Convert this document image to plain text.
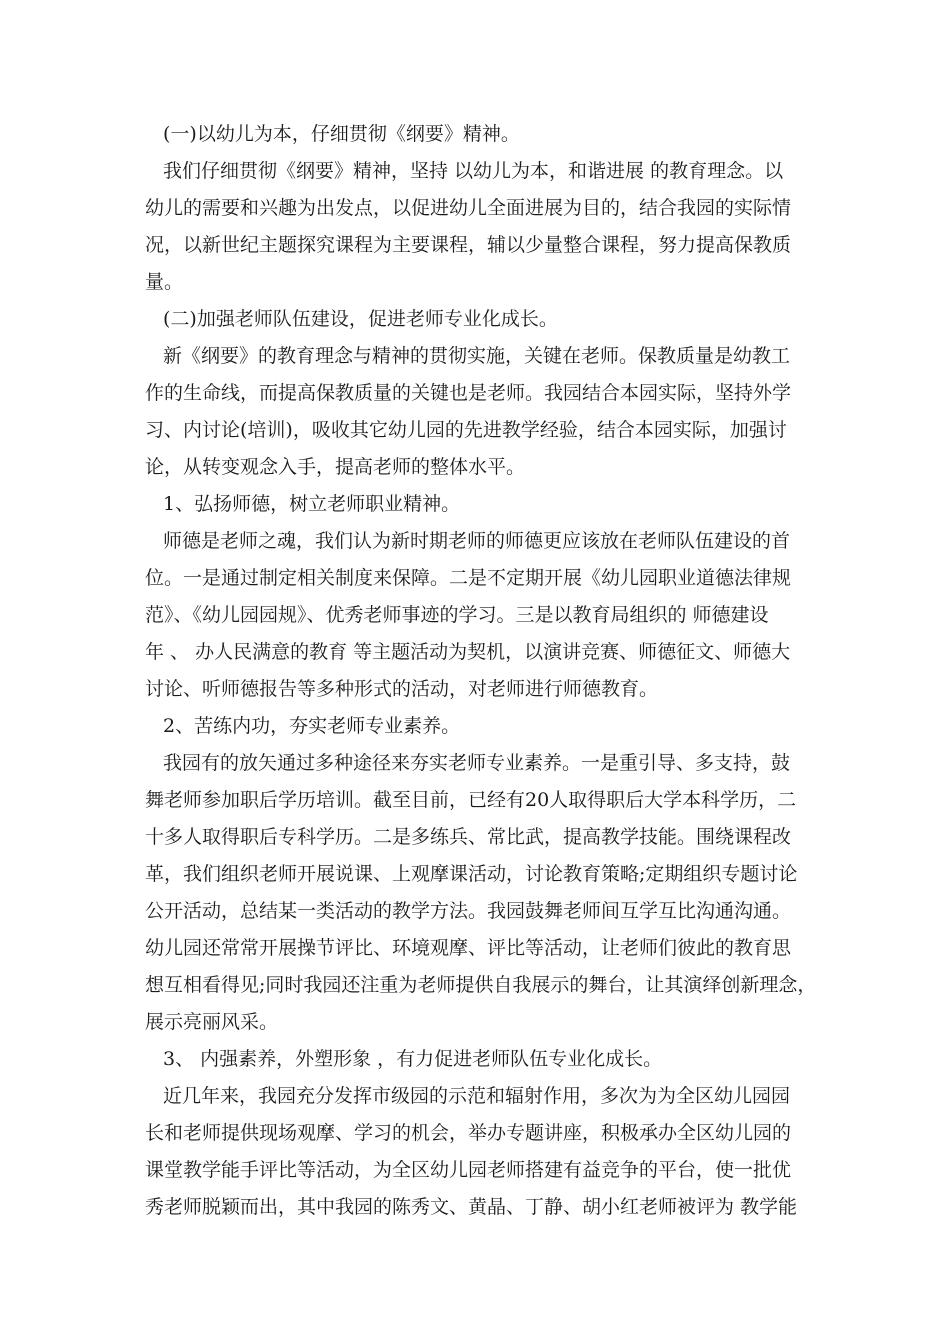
(一)以幼儿为本，仔细贯彻《纲要》精神。
我们仔细贯彻《纲要》精神，坚持 以幼儿为本，和谐进展 的教育理念。以
幼儿的需要和兴趣为出发点，以促进幼儿全面进展为目的，结合我园的实际情
况，以新世纪主题探究课程为主要课程，辅以少量整合课程，努力提高保教质
量。
(二)加强老师队伍建设，促进老师专业化成长。
新《纲要》的教育理念与精神的贯彻实施，关键在老师。保教质量是幼教工
作的生命线，而提高保教质量的关键也是老师。我园结合本园实际，坚持外学
习、内讨论(培训)，吸收其它幼儿园的先进教学经验，结合本园实际，加强讨
论，从转变观念入手，提高老师的整体水平。
1、弘扬师德，树立老师职业精神。
师德是老师之魂，我们认为新时期老师的师德更应该放在老师队伍建设的首
位。一是通过制定相关制度来保障。二是不定期开展《幼儿园职业道德法律规
范》、《幼儿园园规》、优秀老师事迹的学习。三是以教育局组织的 师德建设
年 、 办人民满意的教育 等主题活动为契机，以演讲竞赛、师德征文、师德大
讨论、听师德报告等多种形式的活动，对老师进行师德教育。
2、苦练内功，夯实老师专业素养。
我园有的放矢通过多种途径来夯实老师专业素养。一是重引导、多支持，鼓
舞老师参加职后学历培训。截至目前，已经有20人取得职后大学本科学历，二
十多人取得职后专科学历。二是多练兵、常比武，提高教学技能。围绕课程改
革，我们组织老师开展说课、上观摩课活动，讨论教育策略;定期组织专题讨论
公开活动，总结某一类活动的教学方法。我园鼓舞老师间互学互比沟通沟通。
幼儿园还常常开展操节评比、环境观摩、评比等活动，让老师们彼此的教育思
想互相看得见;同时我园还注重为老师提供自我展示的舞台，让其演绎创新理念，
展示亮丽风采。
3、 内强素养，外塑形象 ，有力促进老师队伍专业化成长。
近几年来，我园充分发挥市级园的示范和辐射作用，多次为为全区幼儿园园
长和老师提供现场观摩、学习的机会，举办专题讲座，积极承办全区幼儿园的
课堂教学能手评比等活动，为全区幼儿园老师搭建有益竞争的平台，使一批优
秀老师脱颖而出，其中我园的陈秀文、黄晶、丁静、胡小红老师被评为 教学能
